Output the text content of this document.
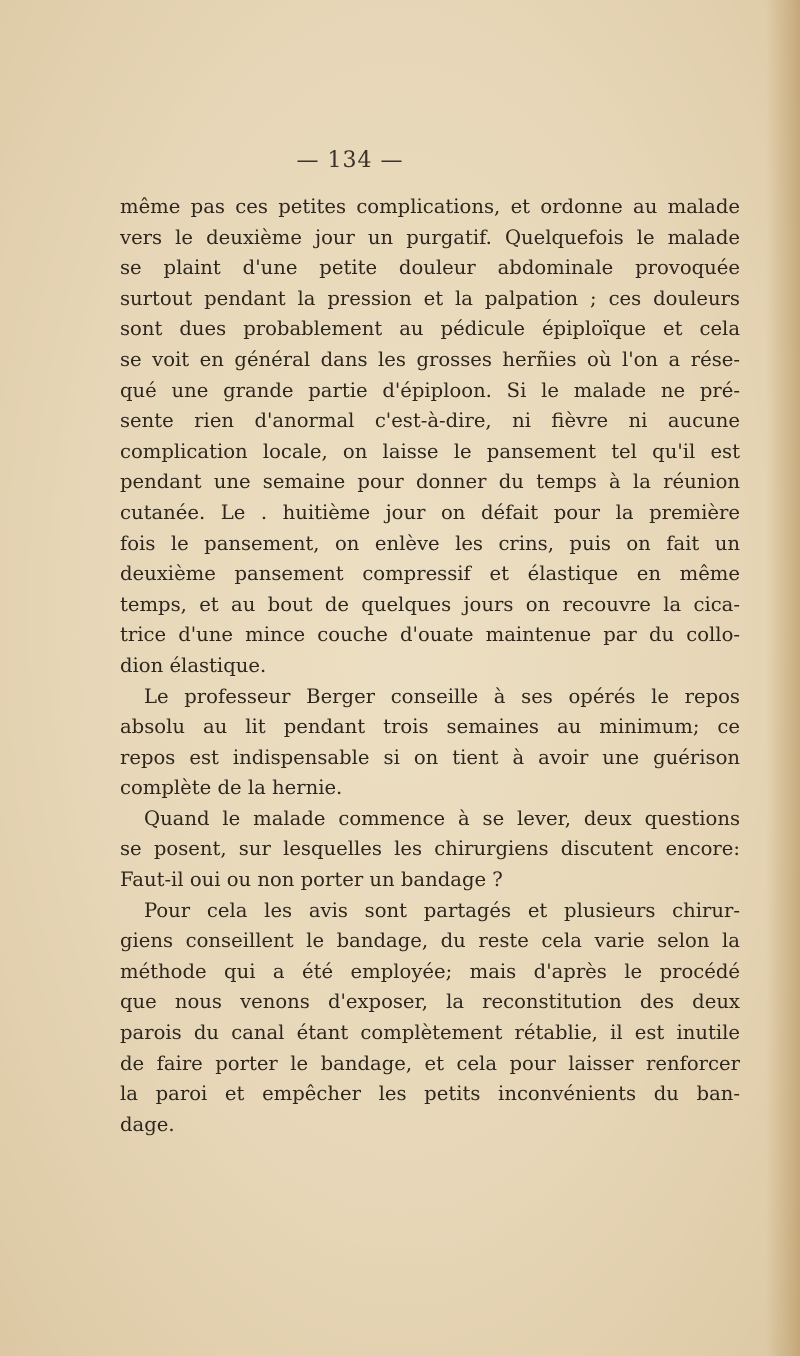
— 134 —
même pas ces petites complications, et ordonne au malade
vers le deuxième jour un purgatif. Quelquefois le malade
se plaint d'une petite douleur abdominale provoquée
surtout pendant la pression et la palpation ; ces douleurs
sont dues probablement au pédicule épiploïque et cela
se voit en général dans les grosses herñies où l'on a rése-
qué une grande partie d'épiploon. Si le malade ne pré-
sente rien d'anormal c'est-à-dire, ni fièvre ni aucune
complication locale, on laisse le pansement tel qu'il est
pendant une semaine pour donner du temps à la réunion
cutanée. Le . huitième jour on défait pour la première
fois le pansement, on enlève les crins, puis on fait un
deuxième pansement compressif et élastique en même
temps, et au bout de quelques jours on recouvre la cica-
trice d'une mince couche d'ouate maintenue par du collo-
dion élastique.
Le professeur Berger conseille à ses opérés le repos
absolu au lit pendant trois semaines au minimum; ce
repos est indispensable si on tient à avoir une guérison
complète de la hernie.
Quand le malade commence à se lever, deux questions
se posent, sur lesquelles les chirurgiens discutent encore:
Faut-il oui ou non porter un bandage ?
Pour cela les avis sont partagés et plusieurs chirur-
giens conseillent le bandage, du reste cela varie selon la
méthode qui a été employée; mais d'après le procédé
que nous venons d'exposer, la reconstitution des deux
parois du canal étant complètement rétablie, il est inutile
de faire porter le bandage, et cela pour laisser renforcer
la paroi et empêcher les petits inconvénients du ban-
dage.
